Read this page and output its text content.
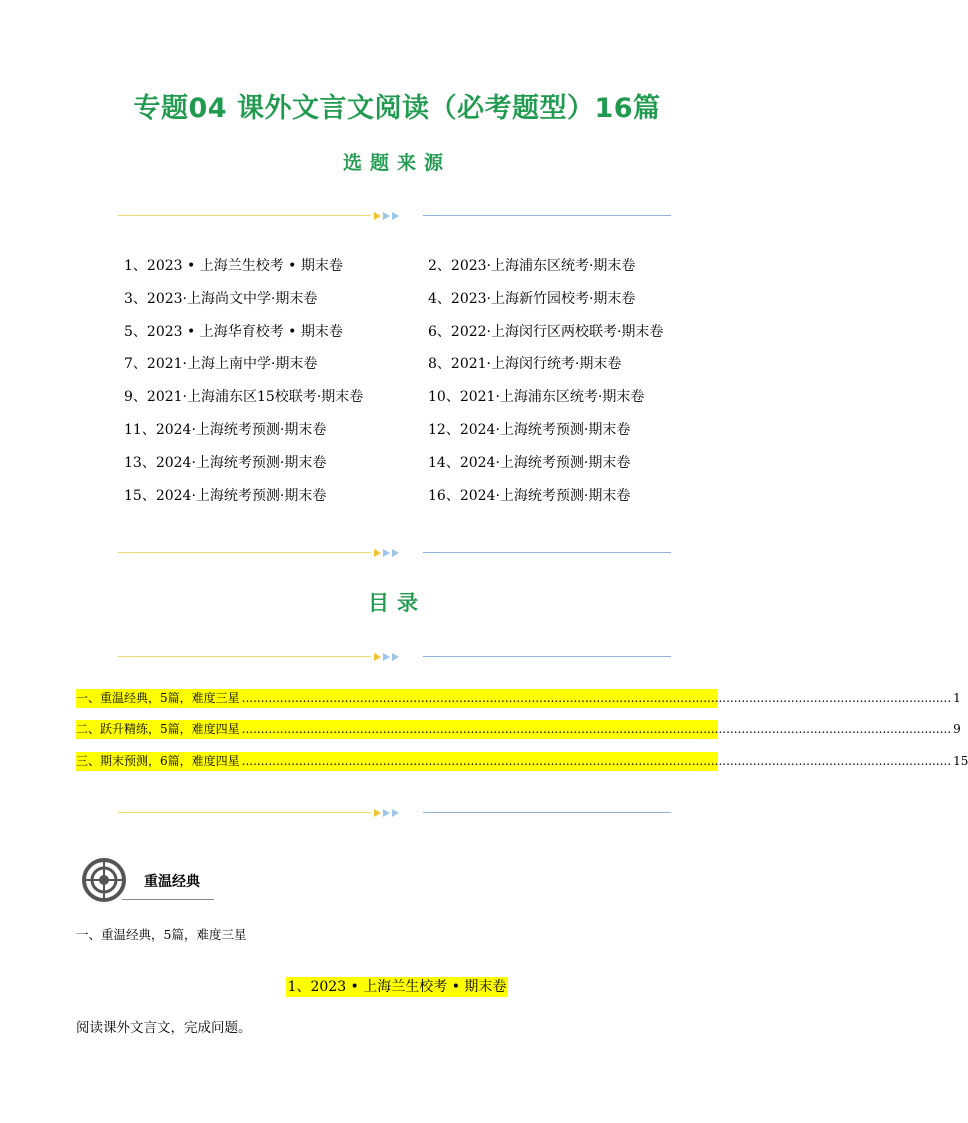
专题04 课外文言文阅读（必考题型）16篇
选题来源
1、2023 • 上海兰生校考 • 期末卷	2、2023·上海浦东区统考·期末卷
3、2023·上海尚文中学·期末卷	4、2023·上海新竹园校考·期末卷
5、2023 • 上海华育校考 • 期末卷	6、2022·上海闵行区两校联考·期末卷
7、2021·上海上南中学·期末卷	8、2021·上海闵行统考·期末卷
9、2021·上海浦东区15校联考·期末卷	10、2021·上海浦东区统考·期末卷
11、2024·上海统考预测·期末卷	12、2024·上海统考预测·期末卷
13、2024·上海统考预测·期末卷	14、2024·上海统考预测·期末卷
15、2024·上海统考预测·期末卷	16、2024·上海统考预测·期末卷
目录
一、重温经典，5篇，难度三星 .......................................................................................................................................................................................... 1
二、跃升精练，5篇，难度四星 .......................................................................................................................................................................................... 9
三、期末预测，6篇，难度四星 .......................................................................................................................................................................................... 15
重温经典
一、重温经典，5篇，难度三星
1、2023 • 上海兰生校考 • 期末卷
阅读课外文言文，完成问题。
